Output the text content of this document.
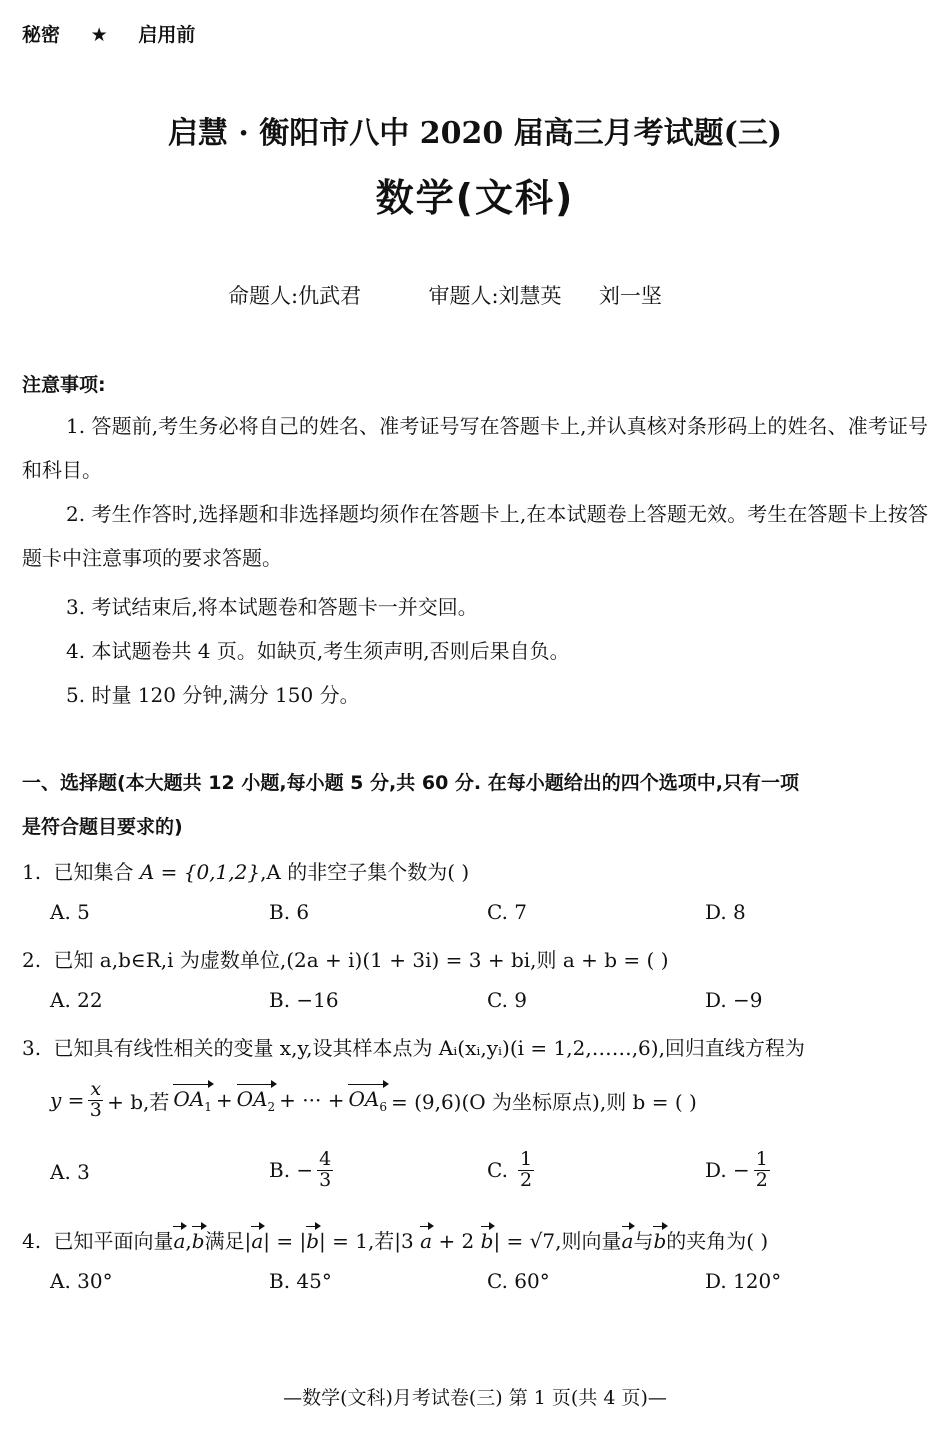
秘密 ★ 启用前
启慧 · 衡阳市八中 2020 届高三月考试题(三)
数学(文科)
命题人:仇武君	审题人:刘慧英 刘一坚
注意事项:
1. 答题前,考生务必将自己的姓名、准考证号写在答题卡上,并认真核对条形码上的姓名、准考证号和科目。
2. 考生作答时,选择题和非选择题均须作在答题卡上,在本试题卷上答题无效。考生在答题卡上按答题卡中注意事项的要求答题。
3. 考试结束后,将本试题卷和答题卡一并交回。
4. 本试题卷共 4 页。如缺页,考生须声明,否则后果自负。
5. 时量 120 分钟,满分 150 分。
一、选择题(本大题共 12 小题,每小题 5 分,共 60 分. 在每小题给出的四个选项中,只有一项
是符合题目要求的)
1. 已知集合 A = {0,1,2},A 的非空子集个数为( )
A. 5	B. 6	C. 7	D. 8
2. 已知 a,b∈R,i 为虚数单位,(2a + i)(1 + 3i) = 3 + bi,则 a + b = ( )
A. 22	B. −16	C. 9	D. −9
3. 已知具有线性相关的变量 x,y,设其样本点为 Aᵢ(xᵢ,yᵢ)(i = 1,2,……,6),回归直线方程为
$y = \frac{x}{3} + b$,若 $OA_1 + OA_2$ + ··· + $OA_6 = (9,6)(O$ 为坐标原点),则 b = ( )
A. 3	B. − $\frac{4}{3}$	C. $\frac{1}{2}$	D. − $\frac{1}{2}$
4. 已知平面向量a,b满足|a| = |b| = 1,若|3 a + 2 b| = √7,则向量a与b的夹角为( )
A. 30°	B. 45°	C. 60°	D. 120°
—数学(文科)月考试卷(三) 第 1 页(共 4 页)—
